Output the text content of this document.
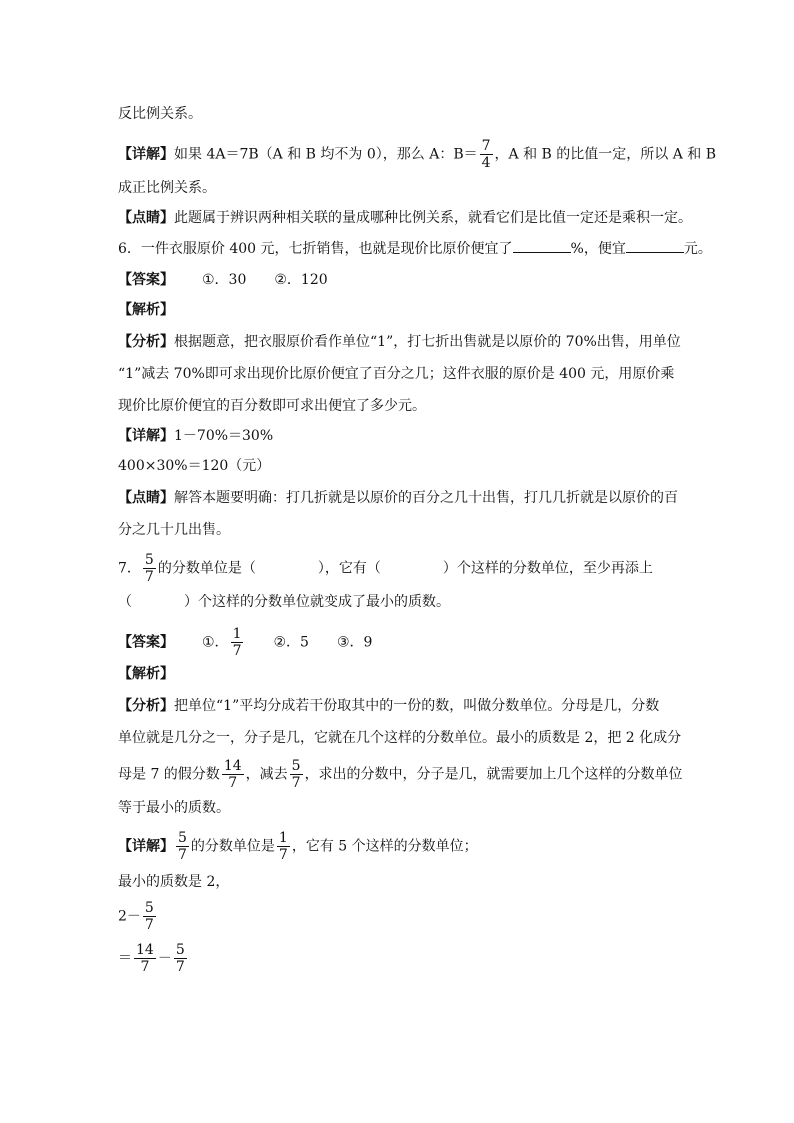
反比例关系。
【详解】如果 4A＝7B（A 和 B 均不为 0），那么 A：$B= \frac{7}{4}$ ，A 和 B 的比值一定，所以 A 和 B
成正比例关系。
【点睛】此题属于辨识两种相关联的量成哪种比例关系，就看它们是比值一定还是乘积一定。
6．一件衣服原价 400 元，七折销售，也就是现价比原价便宜了	%，便宜	元。
【答案】 ①．30 ②．120
【解析】
【分析】根据题意，把衣服原价看作单位“1”，打七折出售就是以原价的 70%出售，用单位
“1”减去 70%即可求出现价比原价便宜了百分之几；这件衣服的原价是 400 元，用原价乘
现价比原价便宜的百分数即可求出便宜了多少元。
【详解】1－70%＝30%
400×30%＝120（元）
【点睛】解答本题要明确：打几折就是以原价的百分之几十出售，打几几折就是以原价的百
分之几十几出售。
7． $\frac{5}{7}$ 的分数单位是（	），它有（	）个这样的分数单位，至少再添上
（	）个这样的分数单位就变成了最小的质数。
【答案】 ①． $\frac{1}{7}$ ②．5 ③．9
【解析】
【分析】把单位“1”平均分成若干份取其中的一份的数，叫做分数单位。分母是几，分数
单位就是几分之一，分子是几，它就在几个这样的分数单位。最小的质数是 2，把 2 化成分
母是 7 的假分数 $\frac{14}{7}$ ，减去 $\frac{5}{7}$ ，求出的分数中，分子是几，就需要加上几个这样的分数单位
等于最小的质数。
【详解】 $\frac{5}{7}$ 的分数单位是 $\frac{1}{7}$ ，它有 5 个这样的分数单位；
最小的质数是 2，
$2- \frac{5}{7}$
＝ $\frac{14}{7} - \frac{5}{7}$
